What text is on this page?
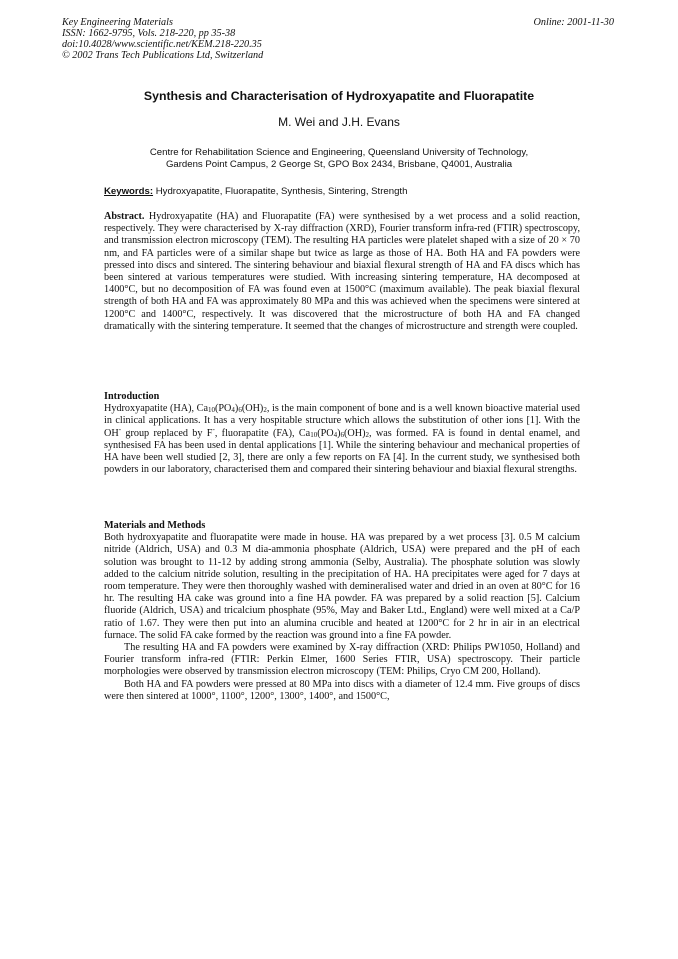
Key Engineering Materials
ISSN: 1662-9795, Vols. 218-220, pp 35-38
doi:10.4028/www.scientific.net/KEM.218-220.35
© 2002 Trans Tech Publications Ltd, Switzerland
Online: 2001-11-30
Synthesis and Characterisation of Hydroxyapatite and Fluorapatite
M. Wei and J.H. Evans
Centre for Rehabilitation Science and Engineering, Queensland University of Technology,
Gardens Point Campus, 2 George St, GPO Box 2434, Brisbane, Q4001, Australia
Keywords: Hydroxyapatite, Fluorapatite, Synthesis, Sintering, Strength

Abstract. Hydroxyapatite (HA) and Fluorapatite (FA) were synthesised by a wet process and a solid reaction, respectively. They were characterised by X-ray diffraction (XRD), Fourier transform infra-red (FTIR) spectroscopy, and transmission electron microscopy (TEM). The resulting HA particles were platelet shaped with a size of 20 × 70 nm, and FA particles were of a similar shape but twice as large as those of HA. Both HA and FA powders were pressed into discs and sintered. The sintering behaviour and biaxial flexural strength of HA and FA discs which has been sintered at various temperatures were studied. With increasing sintering temperature, HA decomposed at 1400°C, but no decomposition of FA was found even at 1500°C (maximum available). The peak biaxial flexural strength of both HA and FA was approximately 80 MPa and this was achieved when the specimens were sintered at 1200°C and 1400°C, respectively. It was discovered that the microstructure of both HA and FA changed dramatically with the sintering temperature. It seemed that the changes of microstructure and strength were coupled.

Introduction

Hydroxyapatite (HA), $Ca_{10}(PO_4)_6(OH)_2$, is the main component of bone and is a well known bioactive material used in clinical applications. It has a very hospitable structure which allows the substitution of other ions [1]. With the OH- group replaced by F-, fluorapatite (FA), $Ca_{10}(PO_4)_6(OH)_2$, was formed. FA is found in dental enamel, and synthesised FA has been used in dental applications [1]. While the sintering behaviour and mechanical properties of HA have been well studied [2, 3], there are only a few reports on FA [4]. In the current study, we synthesised both powders in our laboratory, characterised them and compared their sintering behaviour and biaxial flexural strengths.

Materials and Methods

Both hydroxyapatite and fluorapatite were made in house. HA was prepared by a wet process [3]. 0.5 M calcium nitride (Aldrich, USA) and 0.3 M dia-ammonia phosphate (Aldrich, USA) were prepared and the pH of each solution was brought to 11-12 by adding strong ammonia (Selby, Australia). The phosphate solution was slowly added to the calcium nitride solution, resulting in the precipitation of HA. HA precipitates were aged for 7 days at room temperature. They were then thoroughly washed with demineralised water and dried in an oven at 80°C for 16 hr. The resulting HA cake was ground into a fine HA powder. FA was prepared by a solid reaction [5]. Calcium fluoride (Aldrich, USA) and tricalcium phosphate (95%, May and Baker Ltd., England) were well mixed at a Ca/P ratio of 1.67. They were then put into an alumina crucible and heated at 1200°C for 2 hr in air in an electrical furnace. The solid FA cake formed by the reaction was ground into a fine FA powder.

The resulting HA and FA powders were examined by X-ray diffraction (XRD: Philips PW1050, Holland) and Fourier transform infra-red (FTIR: Perkin Elmer, 1600 Series FTIR, USA) spectroscopy. Their particle morphologies were observed by transmission electron microscopy (TEM: Philips, Cryo CM 200, Holland).

Both HA and FA powders were pressed at 80 MPa into discs with a diameter of 12.4 mm. Five groups of discs were then sintered at 1000°, 1100°, 1200°, 1300°, 1400°, and 1500°C,
